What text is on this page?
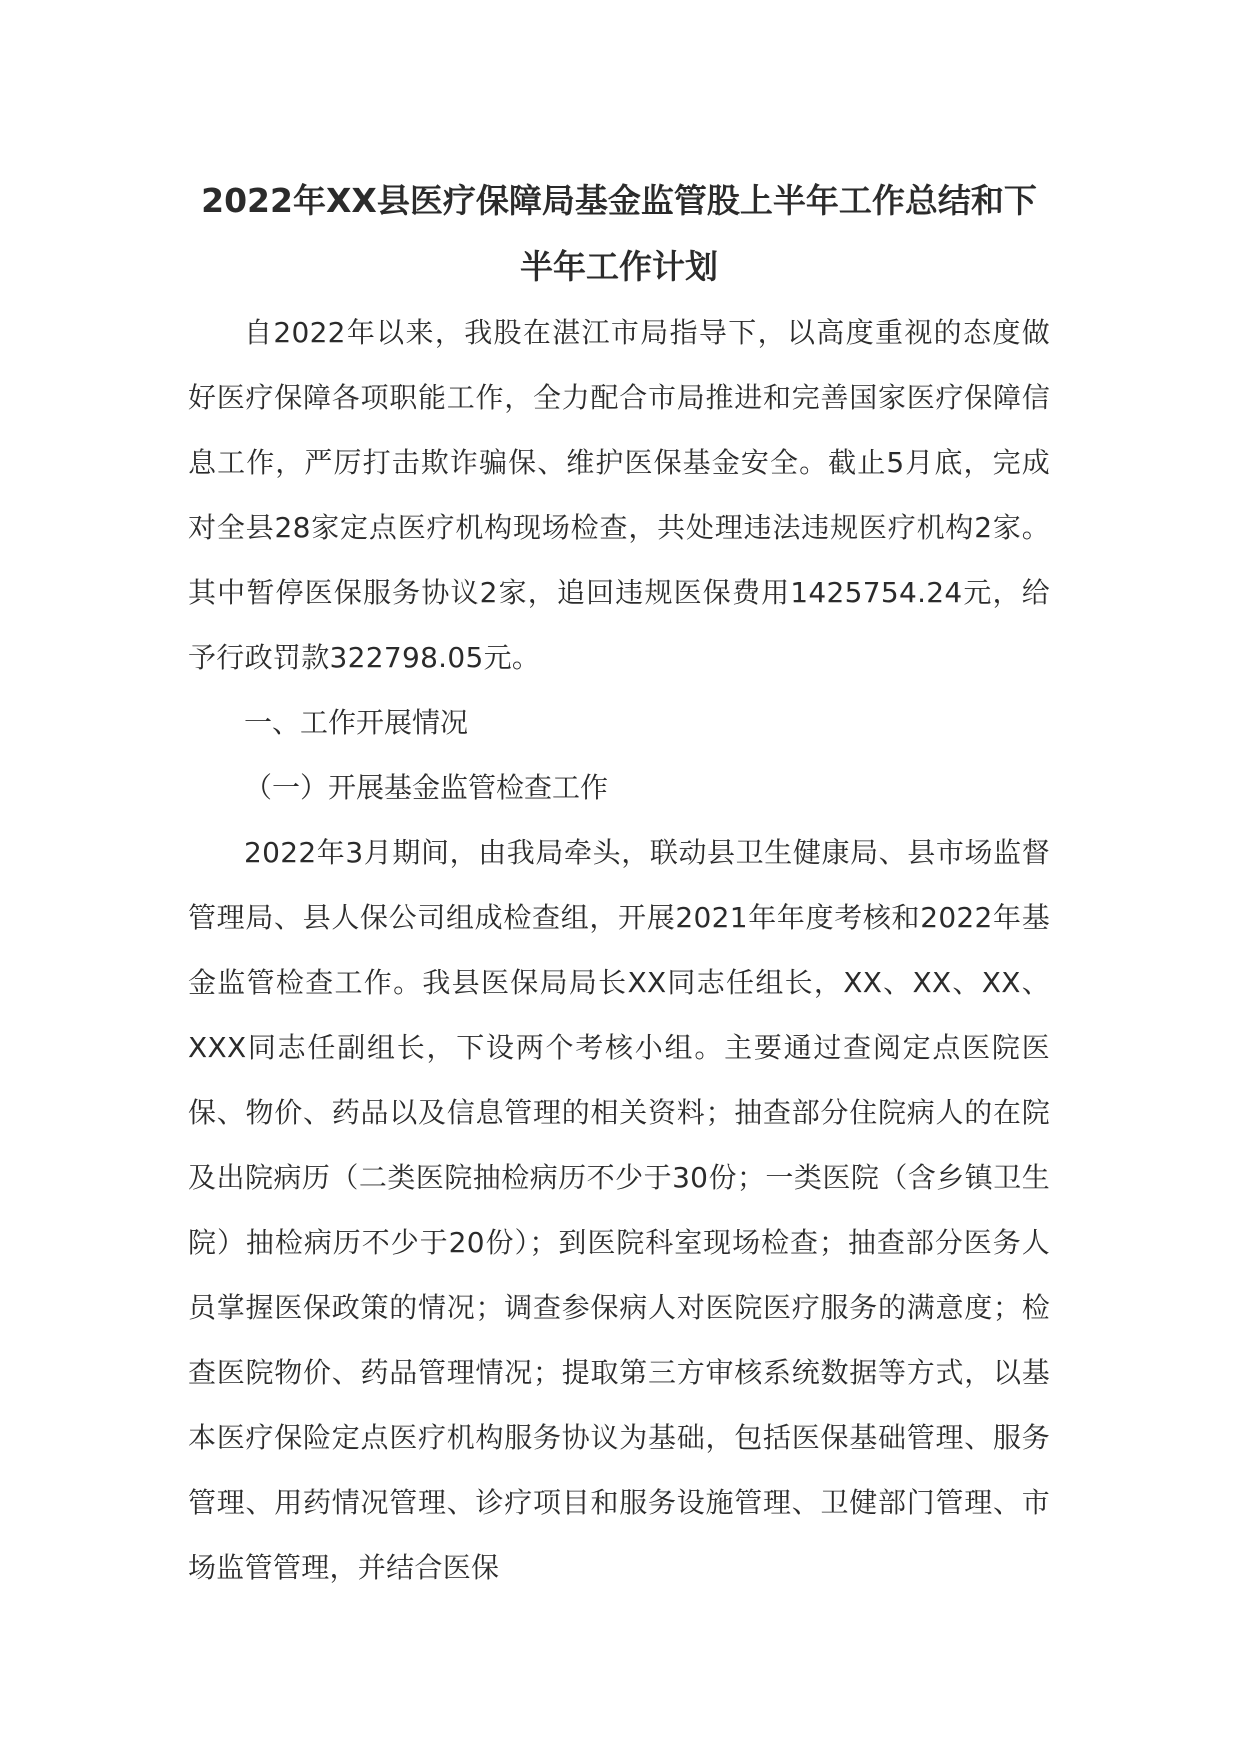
2022年XX县医疗保障局基金监管股上半年工作总结和下
半年工作计划

自2022年以来，我股在湛江市局指导下，以高度重视的态度做好医疗保障各项职能工作，全力配合市局推进和完善国家医疗保障信息工作，严厉打击欺诈骗保、维护医保基金安全。截止5月底，完成对全县28家定点医疗机构现场检查，共处理违法违规医疗机构2家。其中暂停医保服务协议2家，追回违规医保费用1425754.24元，给予行政罚款322798.05元。

一、工作开展情况

（一）开展基金监管检查工作

2022年3月期间，由我局牵头，联动县卫生健康局、县市场监督管理局、县人保公司组成检查组，开展2021年年度考核和2022年基金监管检查工作。我县医保局局长XX同志任组长，XX、XX、XX、XXX同志任副组长，下设两个考核小组。主要通过查阅定点医院医保、物价、药品以及信息管理的相关资料；抽查部分住院病人的在院及出院病历（二类医院抽检病历不少于30份；一类医院（含乡镇卫生院）抽检病历不少于20份）；到医院科室现场检查；抽查部分医务人员掌握医保政策的情况；调查参保病人对医院医疗服务的满意度；检查医院物价、药品管理情况；提取第三方审核系统数据等方式，以基本医疗保险定点医疗机构服务协议为基础，包括医保基础管理、服务管理、用药情况管理、诊疗项目和服务设施管理、卫健部门管理、市场监管管理，并结合医保
